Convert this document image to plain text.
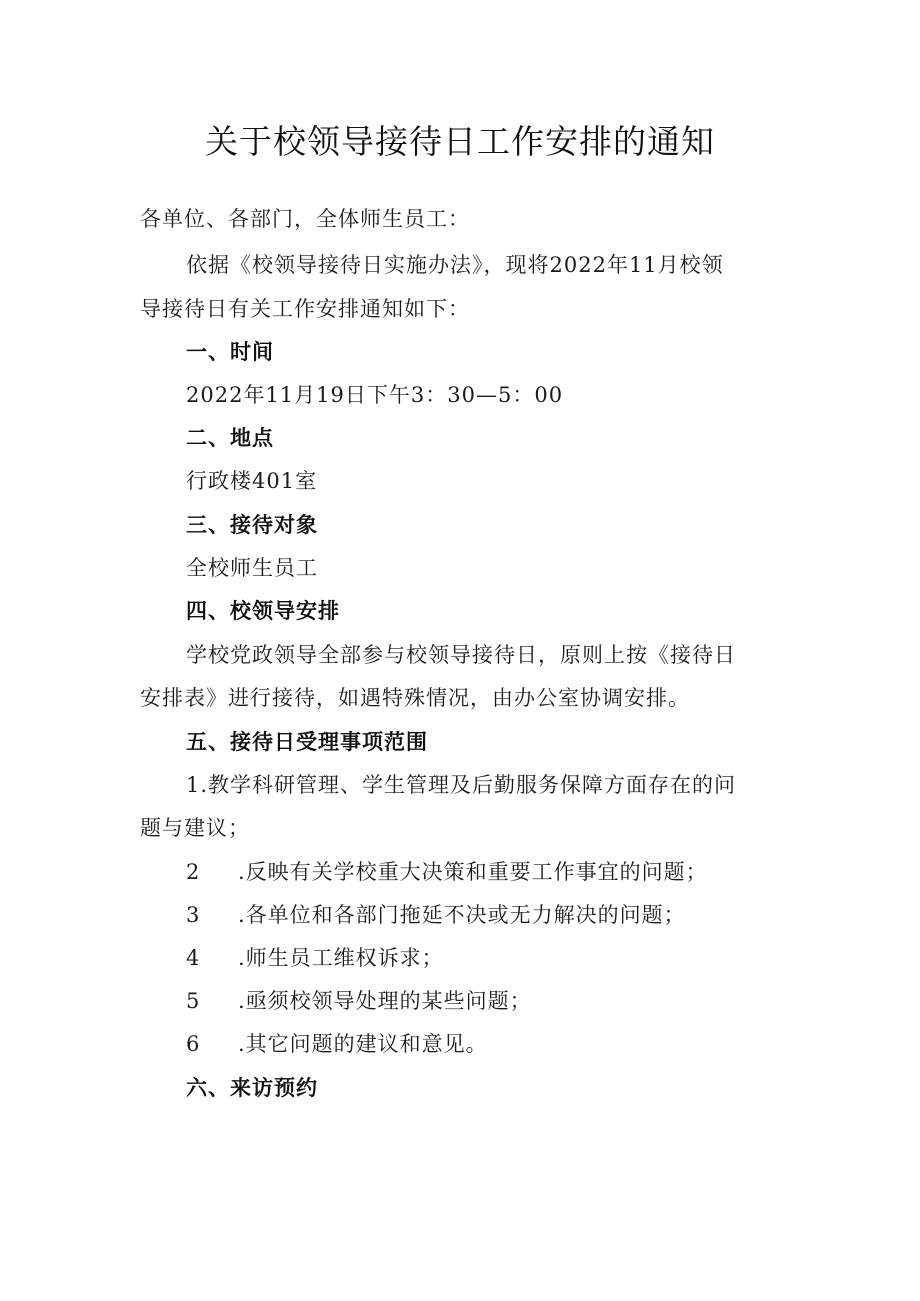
关于校领导接待日工作安排的通知
各单位、各部门，全体师生员工：
依据《校领导接待日实施办法》，现将2022年11月校领
导接待日有关工作安排通知如下：
一、时间
2022年11月19日下午3：30—5：00
二、地点
行政楼401室
三、接待对象
全校师生员工
四、校领导安排
学校党政领导全部参与校领导接待日，原则上按《接待日
安排表》进行接待，如遇特殊情况，由办公室协调安排。
五、接待日受理事项范围
1.教学科研管理、学生管理及后勤服务保障方面存在的问
题与建议；
2 .反映有关学校重大决策和重要工作事宜的问题；
3 .各单位和各部门拖延不决或无力解决的问题；
4 .师生员工维权诉求；
5 .亟须校领导处理的某些问题；
6 .其它问题的建议和意见。
六、来访预约
